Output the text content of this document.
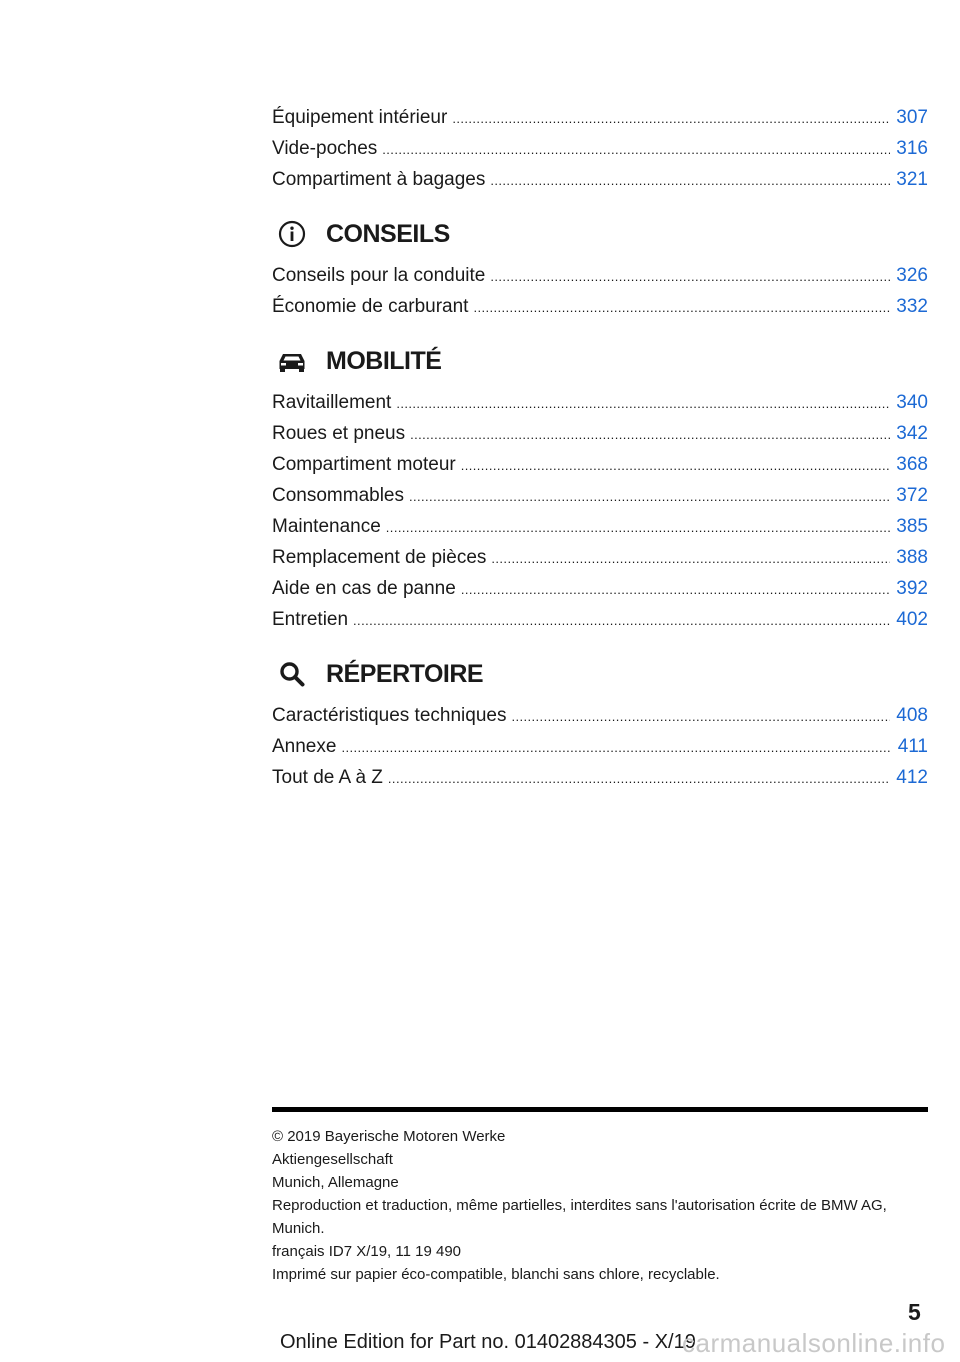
Équipement intérieur .....	307
Vide-poches .....	316
Compartiment à bagages .....	321
CONSEILS
Conseils pour la conduite .....	326
Économie de carburant .....	332
MOBILITÉ
Ravitaillement .....	340
Roues et pneus .....	342
Compartiment moteur .....	368
Consommables .....	372
Maintenance .....	385
Remplacement de pièces .....	388
Aide en cas de panne .....	392
Entretien .....	402
RÉPERTOIRE
Caractéristiques techniques .....	408
Annexe .....	411
Tout de A à Z .....	412
© 2019 Bayerische Motoren Werke
Aktiengesellschaft
Munich, Allemagne
Reproduction et traduction, même partielles, interdites sans l'autorisation écrite de BMW AG,
Munich.
français ID7 X/19, 11 19 490
Imprimé sur papier éco-compatible, blanchi sans chlore, recyclable.
5
Online Edition for Part no. 01402884305 - X/19
carmanualsonline.info
